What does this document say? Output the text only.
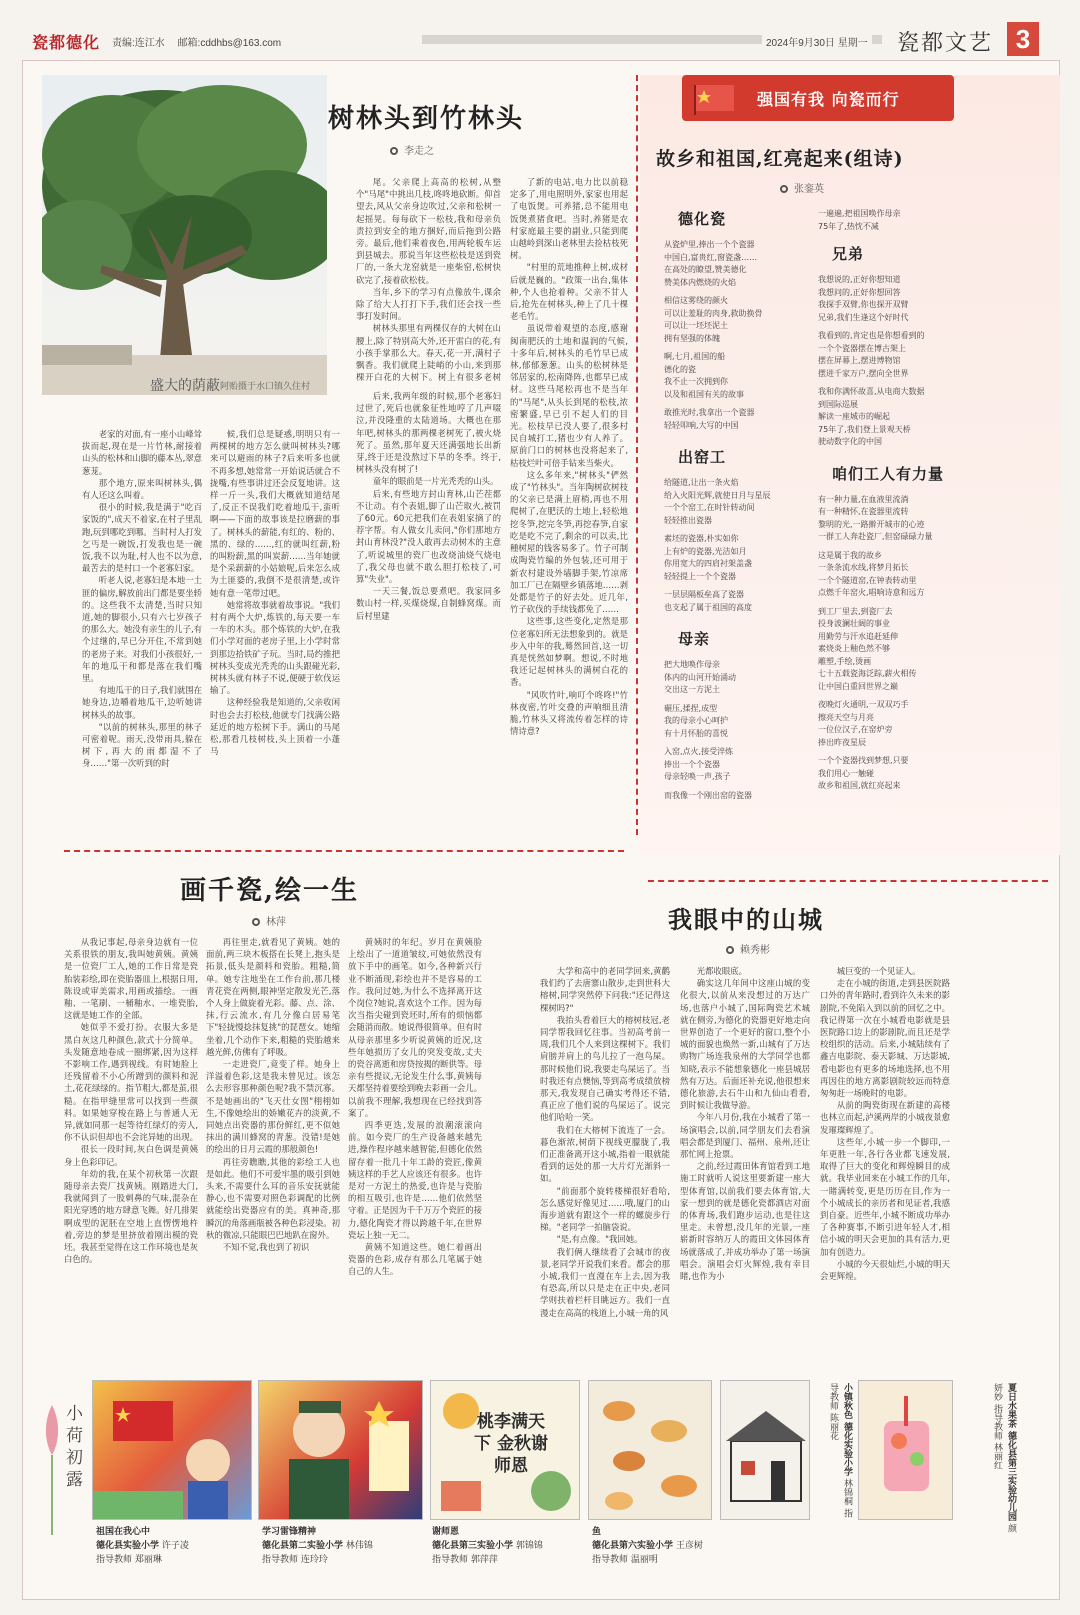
瓷都德化 责编:连江水 邮箱:cddhbs@163.com	2024年9月30日 星期一 瓷都文艺 3
盛大的荫蔽 阿贻摄于水口镇久住村
树林头到竹林头
李走之

尾。父亲爬上高高的松树,从整个"马尾"中挑出几枝,咚咚地砍断。仰首望去,风从父亲身边吹过,父亲和松树一起摇晃。每每砍下一松枝,我和母亲负责拉到安全的地方捆好,而后拖到公路旁。最后,他们乘着夜色,用两轮板车运到县城去。那说当年这些松枝是送到瓷厂的,一条大龙窑就是一座柴窑,松树快砍完了,接着砍松枝。

当年,乡下的学习有点像放牛,课余除了给大人打打下手,我们还会找一些事打发时间。

树林头那里有两棵仅存的大树在山腰上,除了特别高大外,还开雷白的花,有小孩手掌那么大。春天,花一开,满村子飘香。我们就爬上陡峭的小山,来到那棵开白花的大树下。树上有很多老树

了新的电站,电力比以前稳定多了,用电照明外,家家也用起了电饭煲。可养猪,总不能用电饭煲煮猪食吧。当时,养猪是农村家庭最主要的副业,只能到爬山越岭到深山老林里去捡枯枝死树。

"村里的荒地推种上树,成材后就是巍的。"政策一出台,集体种,个人也抢着种。父亲不甘人后,抢先在树林头,种上了几十棵老毛竹。

虽说带着观望的态度,感谢闽南肥沃的土地和温润的气候,十多年后,树林头的毛竹早已成林,郁郁葱葱。山头的松树林是邻居家的,松南降阵,也都早已成材。这些马尾松再也不是当年的"马尾",从头长到尾的松枝,浓密繁盛,早已引不起人们的目光。松枝早已没人要了,很多村民自城打工,猪也少有人养了。原前门口的树林也没将起来了,枯枝烂叶可倍手钻来当柴火。

这么多年来,"树林头"俨然成了"竹林头"。当年陶树砍树枝的父亲已是满上眉梢,再也不用爬树了,在肥沃的土地上,轻松地挖冬笋,挖完冬笋,再挖春笋,自家吃是吃不完了,剩余的可以卖,比種树屋的钱客易多了。竹子可制成陶瓷竹编的外包装,还可用于新农村建设外墙脚手架,竹凉席加工厂已在隔壁乡镇落地……剥处都是竹子的好去处。近几年,竹子砍伐的手续钱都免了……

这些事,这些变化,定然是那位老寡妇所无法想象到的。就是步入中年的我,蓦然回首,这一切真是恍然如梦啊。想说,不时地我还记起树林头的满树白花的香。

"风吹竹叶,响叮个咚咚!"竹林夜密,竹叶交叠的声响细且清脆,竹林头又将流传着怎样的诗情诗意?

老家的对面,有一座小山峰耸拔而起,现在是一片竹林,耐接着山头的松林和山脚的藤本丛,翠意葱茏。

那个地方,原来叫树林头,偶有人还这么叫着。

很小的时候,我是满于"吃百家饭的",成天不着家,在村子里乱跑,玩到哪吃到哪。当时村人打发乞丐是一碗饭,打发我也是一碗饭,我不以为耻,村人也不以为意,最苦去的是村口一个老寡妇家。

听老人说,老寡妇是本地一土匪的偏房,解放前出门都是要坐轿的。这些我不太清楚,当时只知道,她的脚很小,只有六七岁孩子的那么大。她没有亲生的儿子,有个过继的,早已分开住,不常到她的老房子来。对我们小孩很好,一年的地瓜干和都是落在我们嘴里。

有地瓜干的日子,我们就围在她身边,边嚼着地瓜干,边听她讲树林头的故事。

"以前的树林头,那里的林子可密着呢。雨天,没带雨具,躲在树下,再大的雨都湿不了身……"第一次听到的时

候,我们总是疑惑,明明只有一两棵树的地方怎么就叫树林头?哪来可以避雨的林子?后来听多也就不再多想,她常常一开始说话就合不拢嘴,有些事讲过还会反复地讲。这样一斤一头,我们大概就知道结尾了,反正不误我们吃着地瓜干,蛮听啊——下面的故事该是拉磨薪的事了。树林头的薪能,有红的、粉的、黑的、绿的……,红的就叫红薪,粉的叫粉薪,黑的叫炭薪……当年她就是个采薪薪的小姑娘呢,后来怎么成为土匪婆的,我倒不是很清楚,或许她有意一笔带过吧。

她常将故事就着故事说。"我们村有两个大炉,炼铁的,每天要一车一车的木头。那个炼铁的大炉,在我们小学对面的老房子里,上小学时常到那边拾铁矿子玩。当时,局约推把树林头变成光秃秃的山头跟碰光彩,树林头就有林子不说,便硬于软伐运输了。

这种经验我是知道的,父亲收闲时也会去打松枝,他就专门找满公路延近的地方松树下手。满山的马尾松,那看几枝树枝,头上顶着一小蓬马

后来,我两年级的时候,那个老寡妇过世了,死后也就象征性地哼了几声啜泣,并没隆重的太陆道场。大概也在那年吧,树林头的那两棵老树死了,被火烧死了。虽然,那年夏天还满强地长出新芽,终于还是没熬过下旱的冬季。终于,树林头没有树了!

童年的眼前是一片光秃秃的山头。

后来,有些地方封山育林,山芒茬都不让动。有个表姐,脚了山芒取火,被罚了60元。60元把我们在表姐家摘了的荐字帮。有人做女儿卖问,"你们那地方封山育林没?"没人敢再去动树木的主意了,听说城里的瓷厂也改烧油烧气烧电了,我父母也就不敢么胆打松枝了,可算"失业"。

一天三餐,饭总要煮吧。我家同多数山村一样,买煤烧煤,自制蜂窝煤。而后村里建

强国有我 向瓷而行
故乡和祖国,红亮起来(组诗)
张銮英
德化瓷
从瓷炉里,捧出一个个瓷器
中国白,富贵红,窗瓷盏……
在高处的瞭望,赞美德化
赞美体内燃烧的火焰
相信这雾绕的颜火
可以让羞耻的肉身,救助换骨
可以让一坯坯泥土
拥有坚强的体魄
啊,七月,祖国的船
德化的瓷
我不止一次拥到你
以及和祖国有关的故事
敢推光时,我拿出一个瓷器
轻轻叩响,大写的中国
出窑工
给隧道,让出一条火焰
给入火阳光辉,就使日月与星辰
一个个窑工,在时针转动间
轻轻推出瓷器
素坯的瓷器,朴实如你
上有炉的瓷器,光洁如月
你用宽大的四肩衬架盖盏
轻轻提上一个个瓷器
一层层隔板垒高了瓷器
也支起了属于祖国的高度
母亲
把大地唤作母亲
体内的山河开始涌动
交出这一方泥土
碾压,揉捏,成型
我的母亲小心呵护
有十月怀胎的喜悦
入窑,点火,接受淬炼
捧出一个个瓷器
母亲轻唤一声,孩子
而我像一个刚出窑的瓷器
一遍遍,把祖国唤作母亲
75年了,热忱不减
兄弟
我想说的,正好你想知道
我想问的,正好你想回答
我探手双臂,你也探开双臂
兄弟,我们生逢这个好时代
我看到的,肯定也是你想看到的
一个个瓷器摆在博古架上
摆在屏幕上,摆进博物馆
摆进千家万户,摆向全世界
我和你满怀故喜,从电商大数据
到国际巡展
解读一座城市的崛起
75年了,我们登上景观天桥
驶动数字化的中国
咱们工人有力量
有一种力量,在血液里流淌
有一种精怀,在瓷器里流转
黎明的光,一路擀开城市的心迹
一群工人奔赴瓷厂,但窑碌碌力量
这是属于我的故乡
一条条流水线,将梦月拓长
一个个隧道窑,在钟表转动里
点燃千年窑火,唱响诗意和远方
到工厂里去,到瓷厂去
投身波澜壮阔的事业
用勤劳与汗水追赶延伸
素烧炎上釉色然不够
雕塑,手绘,烫画
七十五载瓷海泛踪,薪火相传
让中国白重回世界之巅
夜晚灯火通明,一双双巧手
擦亮天空与月亮
一位位汉子,在窑炉旁
捧出昨夜星辰
一个个瓷器找到梦想,只要
我们用心一触碰
故乡和祖国,就红亮起来
画千瓷,绘一生
林萍

从我记事起,母亲身边就有一位关系很铁的朋友,我叫她黄姨。黄姨是一位瓷厂工人,她的工作日常是瓷胎装彩绘,即在瓷胎器皿上,根据日用,陈设或审美需求,用画或描绘。一画釉、一笔刷、一桶釉水、一堆瓷胎,这就是她工作的全部。

她似乎不爱打扮。衣服大多是黑白灰这几种颜色,款式十分简单。头发随意地卷成一圈绑紧,因为这样不影响工作,遇到视线。有时她脸上还残留着不小心所蹭到的颜料和泥土,花花绿绿的。指节粗大,都是茧,很糙。在指甲缝里常可以找到一些颜料。如果她穿梭在路上与普通人无异,就如同那一起等待红绿灯的旁人,你不认识但却也不会诧异她的出现。

很长一段时间,灰白色调是黄姨身上色彩印记。

年幼的我,在某个初秋第一次跟随母亲去瓷厂找黄姨。刚踏进大门,我就闻到了一股刺鼻的气味,混杂在阳光穿透的地方肆意飞舞。好几排架啊成型的泥胚在空地上直愣愣地杵着,旁边的梦是里挤放着刚出模的瓷坯。我甚至觉得在这工作环境也是灰白色的。

再往里走,就看见了黄姨。她的面前,两三块木板搭在长凳上,抱头是拓景,低头是颜料和瓷胎。粗糙,简单。她专注地坐在工作台前,那几楼青花瓷在两侧,眼神坚定散发光芒,落个人身上做旋着光彩。藤、点、涂、抹,行云流水,有几分像白居易笔下"轻拢慢捻抹复挑"的琵琶女。她缩坐着,几个动作下来,粗糙的瓷胎越来越光鲜,仿佛有了呼吸。

一走进瓷厂,竟变了样。她身上洋溢着色彩,这是我未曾见过。该怎么去形容那种颜色呢?我不禁沉寡。不是她画出的"飞天仕女图"栩栩如生,不像她绘出的娇嫩花卉的淡黄,不同她点出瓷器的那份鲜红,更不似她抹出的满川蜂窝的青葱。没错!是她的绘出的日月云霞的那般颜色!

再往旁瞧瞧,其他的彩绘工人也是如此。他们不可爱牢墨的吸引到她头来,不需要什么耳的音乐安抚就能静心,也不需要对照色彩调配的比例就能绘出瓷器应有的美。真神奇,那瞬沉的角落画瓶被各种色彩浸染。初秋的微凉,只能眼巴巴地趴在窗外。

不知不觉,我也到了初识

黄姨时的年纪。岁月在黄姨脸上绘出了一道道皱纹,可她依然没有放下手中的画笔。如今,各种新兴行业不断涌现,彩绘也并不是容易的工作。我问过她,为什么不选择离开这个岗位?她说,喜欢这个工作。因为每次当指尖碰到瓷坯时,所有的烦恼都会随消而散。她说得很简单。但有时从母亲那里多少听说黄姨的近况,这些年她损历了女儿的突发变故,丈夫的瓷谷离逝和房贷按揭的断供等。母亲有些提议,无论发生什么事,黄姨每天都坚持着要绘到晚去彩画一会儿。以前我不理解,我想现在已经找到答案了。

四季更迭,发展的浪潮滚滚向前。如今瓷厂的生产设备越来越先进,操作程序越来越智能,但德化依然留存着一批几十年工龄的瓷匠,像黄姨这样的手艺人应该还有很多。也许是对一方泥土的热爱,也许是与瓷胎的相互吸引,也许是……他们依然坚守着。正是因为千千万万个瓷匠的接力,德化陶瓷才得以跨越千年,在世界瓷坛上独一无二。

黄姨不知道这些。她仁着画出瓷器的色彩,成存有那么几笔属于她自己的人生。

我眼中的山城
赖秀彬

大学和高中的老同学回来,黄鹳我们约了去唐寨山散步,走到世科大榕树,同学突然停下问我:"还记得这棵树吗?"

我抬头看着巨大的榕树枝冠,老同学帮我回忆往事。当初高考前一周,我们几个人来到这棵树下。我们肩膀并肩上的鸟儿拉了一泡鸟屎。那时候他们说,我要走鸟屎运了。当时我还有点懊恼,等到高考成绩放榜那天,我发现自己确实考得还不错,真正应了他们说的鸟屎运了。说完他们哈哈一笑。

我们在大榕树下流连了一会。暮色渐浓,树荫下视线更朦胧了,我们正准备离开这小城,指着一眼就能看到的远处的那一大片灯光渐斜一如。

"前面那个旋转楼梯很好看哈,怎么感觉好像见过……哦,厦门的山海步道就有跟这个一样的螺旋步行梯。"老同学一拍脑袋说。

"是,有点像。"我回她。

我们俩人继续看了会城市的夜景,老同学开说我们来看。都会的那小城,我们一直漫在车上去,因为我有恐高,所以只是走在正中央,老同学则扶着栏杆目眺远方。我们一直漫走在高高的栈道上,小城一角的风

光都收眼底。

确实这几年间中这座山城的变化很大,以前从来没想过的万达广场,也落户小城了,国际陶瓷艺术城就在侧旁,为德化的瓷器更好地走向世界创造了一个更好的窗口,整个小城的面貌也焕然一新,山城有了万达购物广场连我泉州的大学同学也都知晓,表示不能想象德化一座县城居然有万达。后面还补充说,他很想来德化旅游,去石牛山和九仙山看看,到时候让我做导游。

今年八月份,我在小城看了第一场演唱会,以前,同学朋友们去看演唱会都是到厦门、福州、泉州,还让那忙网上抢票。

之前,经过霞田体育馆看到工地施工时就听人说这里要新建一座大型体育馆,以前我们要去体育馆,大家一想到的就是德化瓷都酒店对面的体育场,我们跑步运动,也是往这里走。未曾想,没几年的光景,一座崭新时容纳万人的霞田文体园体育场就落成了,并成功举办了第一场演唱会。演唱会灯火辉煌,我有幸目睹,也作为小

城巨变的一个见证人。

走在小城的街道,走到县医院路口外的青年路时,看到许久未来的影剧院,不免陷入到以前的回忆之中。我记得第一次在小城看电影就是县医院路口边上的影剧院,而且还是学校组织的活动。后来,小城陆续有了鑫吉电影院、泰天影城、万达影城,看电影也有更多的场地选择,也不用再因住的地方离影剧院较远而特意匆匆赶一场晚时的电影。

从前的陶瓷街现在新建的高楼也林立而起,泸溪两岸的小城夜景愈发璀璨辉煌了。

这些年,小城一步一个脚印,一年更胜一年,各行各业都飞速发展,取得了巨大的变化和辉煌瞬目的成就。我毕业回来在小城工作的几年,一睹满转变,更是历历在目,作为一个小城成长的亲历者和见证者,我感到自豪。近些年,小城不断成功举办了各种赛事,不断引进年轻人才,相信小城的明天会更加的具有活力,更加有创造力。

小城的今天很灿烂,小城的明天会更辉煌。

小荷初露
桃李满天下 金秋谢师恩
祖国在我心中
德化县实验小学 许子凌
指导教师 郑丽琳
学习雷锋精神
德化县第二实验小学 林伟锦
指导教师 连玲玲
谢师恩
德化县第三实验小学 郭锦锦
指导教师 郭萍萍
鱼
德化县第六实验小学 王彦树
指导教师 温丽明
小镇秋色 德化实验小学 林锦桐 指导教师 陈丽花	夏日水果茶 德化县第三实验幼儿园 颜妍妙 指导教师 林丽红
